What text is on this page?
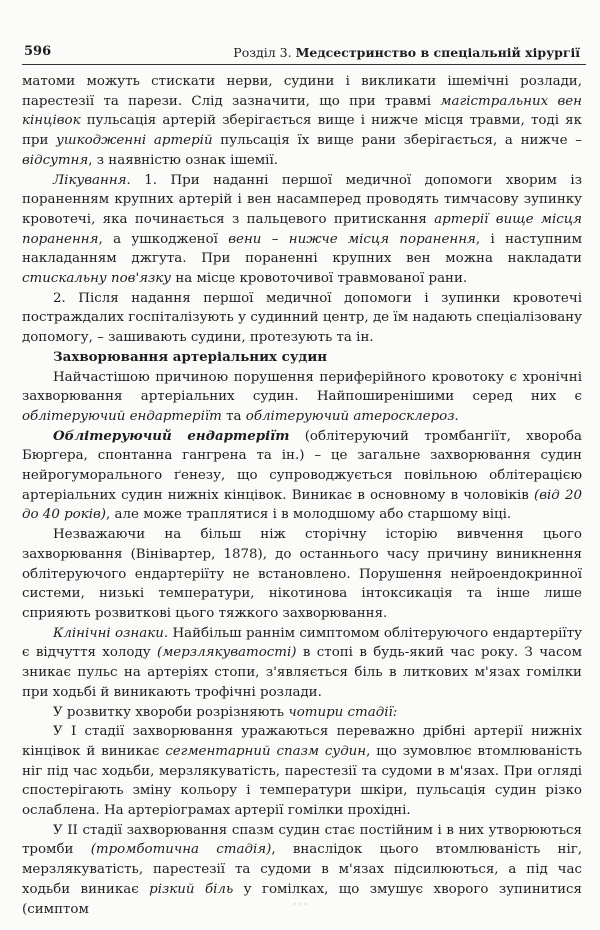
596	Розділ 3. Медсестринство в спеціальній хірургії

матоми можуть стискати нерви, судини і викликати ішемічні розлади, парестезії та парези. Слід зазначити, що при травмі магістральних вен кінцівок пульсація артерій зберігається вище і нижче місця травми, тоді як при ушкодженні артерій пульсація їх вище рани зберігається, а нижче – відсутня, з наявністю ознак ішемії.

Лікування. 1. При наданні першої медичної допомоги хворим із пораненням крупних артерій і вен насамперед проводять тимчасову зупинку кровотечі, яка починається з пальцевого притискання артерії вище місця поранення, а ушкодженої вени – нижче місця поранення, і наступним накладанням джгута. При пораненні крупних вен можна накладати стискальну пов'язку на місце кровоточивої травмованої рани.

2. Після надання першої медичної допомоги і зупинки кровотечі постраждалих госпіталізують у судинний центр, де їм надають спеціалізовану допомогу, – зашивають судини, протезують та ін.

Захворювання артеріальних судин

Найчастішою причиною порушення периферійного кровотоку є хронічні захворювання артеріальних судин. Найпоширенішими серед них є облітеруючий ендартеріїт та облітеруючий атеросклероз.

Облітеруючий ендартеріїт (облітеруючий тромбангіїт, хвороба Бюргера, спонтанна гангрена та ін.) – це загальне захворювання судин нейрогуморального ґенезу, що супроводжується повільною облітерацією артеріальних судин нижніх кінцівок. Виникає в основному в чоловіків (від 20 до 40 років), але може траплятися і в молодшому або старшому віці.

Незважаючи на більш ніж сторічну історію вивчення цього захворювання (Вінівартер, 1878), до останнього часу причину виникнення облітеруючого ендартеріїту не встановлено. Порушення нейроендокринної системи, низькі температури, нікотинова інтоксикація та інше лише сприяють розвиткові цього тяжкого захворювання.

Клінічні ознаки. Найбільш раннім симптомом облітеруючого ендартеріїту є відчуття холоду (мерзлякуватості) в стопі в будь-який час року. З часом зникає пульс на артеріях стопи, з'являється біль в литкових м'язах гомілки при ходьбі й виникають трофічні розлади.

У розвитку хвороби розрізняють чотири стадії:

У I стадії захворювання уражаються переважно дрібні артерії нижніх кінцівок й виникає сегментарний спазм судин, що зумовлює втомлюваність ніг під час ходьби, мерзлякуватість, парестезії та судоми в м'язах. При огляді спостерігають зміну кольору і температури шкіри, пульсація судин різко ослаблена. На артеріограмах артерії гомілки прохідні.

У II стадії захворювання спазм судин стає постійним і в них утворюються тромби (тромботична стадія), внаслідок цього втомлюваність ніг, мерзлякуватість, парестезії та судоми в м'язах підсилюються, а під час ходьби виникає різкий біль у гомілках, що змушує хворого зупинитися (симптом	· · ·
